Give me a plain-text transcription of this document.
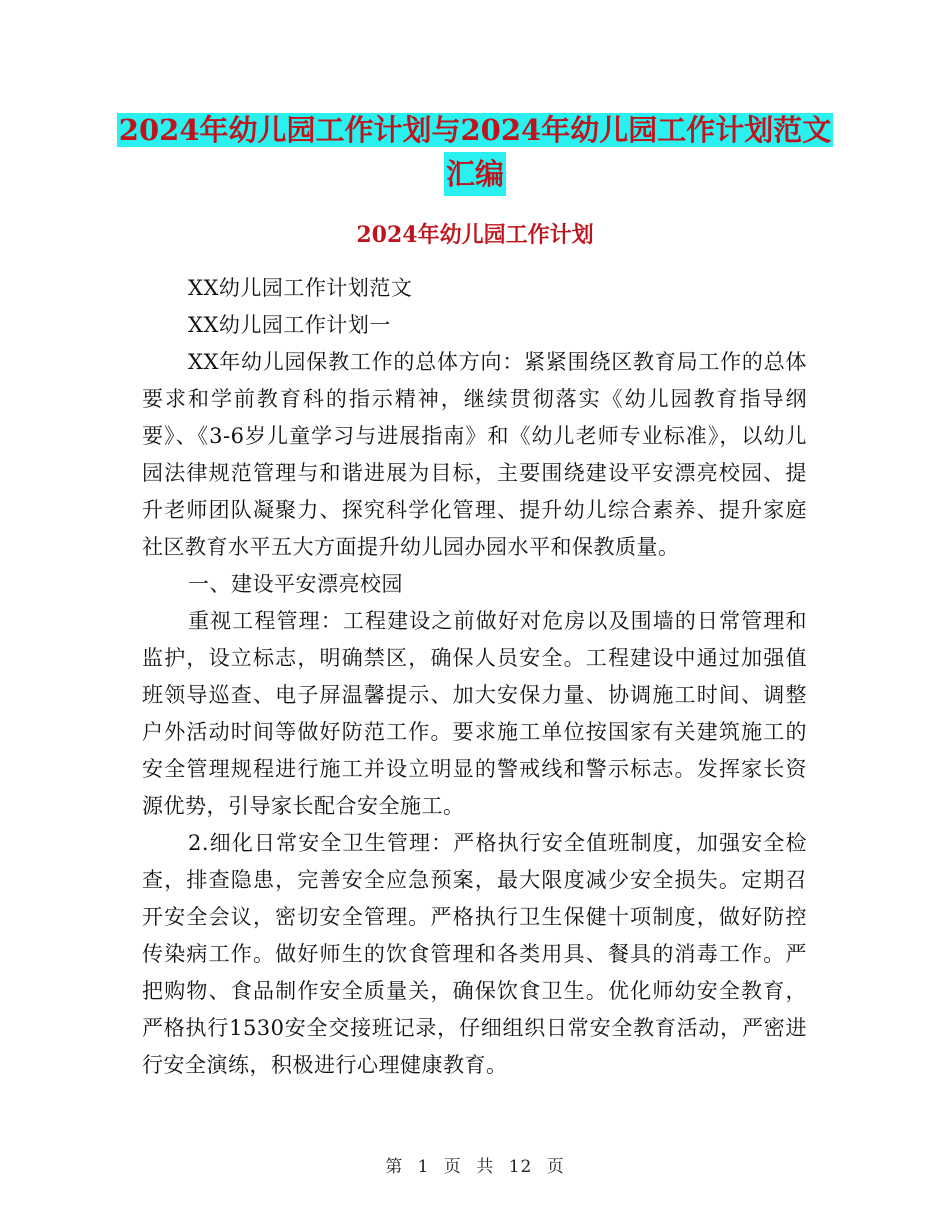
2024年幼儿园工作计划与2024年幼儿园工作计划范文
汇编
2024年幼儿园工作计划

XX幼儿园工作计划范文

XX幼儿园工作计划一

XX年幼儿园保教工作的总体方向：紧紧围绕区教育局工作的总体要求和学前教育科的指示精神，继续贯彻落实《幼儿园教育指导纲要》、《3-6岁儿童学习与进展指南》和《幼儿老师专业标准》，以幼儿园法律规范管理与和谐进展为目标，主要围绕建设平安漂亮校园、提升老师团队凝聚力、探究科学化管理、提升幼儿综合素养、提升家庭社区教育水平五大方面提升幼儿园办园水平和保教质量。

一、建设平安漂亮校园

重视工程管理：工程建设之前做好对危房以及围墙的日常管理和监护，设立标志，明确禁区，确保人员安全。工程建设中通过加强值班领导巡查、电子屏温馨提示、加大安保力量、协调施工时间、调整户外活动时间等做好防范工作。要求施工单位按国家有关建筑施工的安全管理规程进行施工并设立明显的警戒线和警示标志。发挥家长资源优势，引导家长配合安全施工。

2.细化日常安全卫生管理：严格执行安全值班制度，加强安全检查，排查隐患，完善安全应急预案，最大限度减少安全损失。定期召开安全会议，密切安全管理。严格执行卫生保健十项制度，做好防控传染病工作。做好师生的饮食管理和各类用具、餐具的消毒工作。严把购物、食品制作安全质量关，确保饮食卫生。优化师幼安全教育，严格执行1530安全交接班记录，仔细组织日常安全教育活动，严密进行安全演练，积极进行心理健康教育。

第 1 页 共 12 页
